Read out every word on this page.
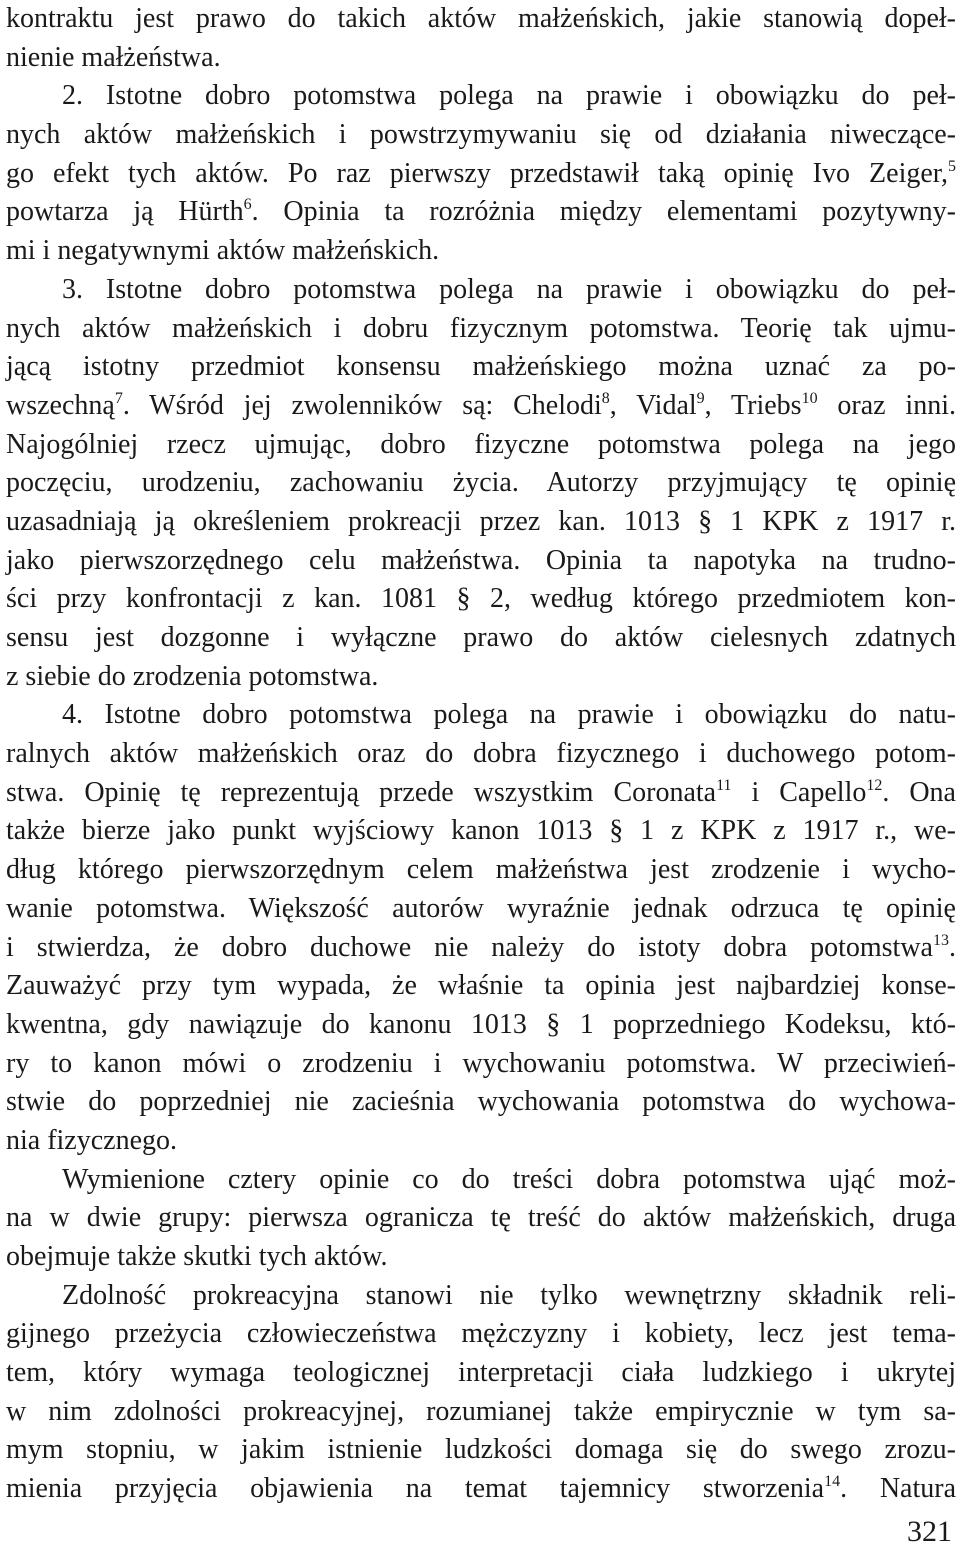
kontraktu jest prawo do takich aktów małżeńskich, jakie stanowią dopeł-
nienie małżeństwa.
2. Istotne dobro potomstwa polega na prawie i obowiązku do peł-
nych aktów małżeńskich i powstrzymywaniu się od działania niweczące-
go efekt tych aktów. Po raz pierwszy przedstawił taką opinię Ivo Zeiger,$^5$
powtarza ją Hürth$^6$. Opinia ta rozróżnia między elementami pozytywny-
mi i negatywnymi aktów małżeńskich.
3. Istotne dobro potomstwa polega na prawie i obowiązku do peł-
nych aktów małżeńskich i dobru fizycznym potomstwa. Teorię tak ujmu-
jącą istotny przedmiot konsensu małżeńskiego można uznać za po-
wszechną$^7$. Wśród jej zwolenników są: Chelodi$^8$, Vidal$^9$, Triebs$^{10}$ oraz inni.
Najogólniej rzecz ujmując, dobro fizyczne potomstwa polega na jego
poczęciu, urodzeniu, zachowaniu życia. Autorzy przyjmujący tę opinię
uzasadniają ją określeniem prokreacji przez kan. 1013 § 1 KPK z 1917 r.
jako pierwszorzędnego celu małżeństwa. Opinia ta napotyka na trudno-
ści przy konfrontacji z kan. 1081 § 2, według którego przedmiotem kon-
sensu jest dozgonne i wyłączne prawo do aktów cielesnych zdatnych
z siebie do zrodzenia potomstwa.
4. Istotne dobro potomstwa polega na prawie i obowiązku do natu-
ralnych aktów małżeńskich oraz do dobra fizycznego i duchowego potom-
stwa. Opinię tę reprezentują przede wszystkim Coronata$^{11}$ i Capello$^{12}$. Ona
także bierze jako punkt wyjściowy kanon 1013 § 1 z KPK z 1917 r., we-
dług którego pierwszorzędnym celem małżeństwa jest zrodzenie i wycho-
wanie potomstwa. Większość autorów wyraźnie jednak odrzuca tę opinię
i stwierdza, że dobro duchowe nie należy do istoty dobra potomstwa$^{13}$.
Zauważyć przy tym wypada, że właśnie ta opinia jest najbardziej konse-
kwentna, gdy nawiązuje do kanonu 1013 § 1 poprzedniego Kodeksu, któ-
ry to kanon mówi o zrodzeniu i wychowaniu potomstwa. W przeciwień-
stwie do poprzedniej nie zacieśnia wychowania potomstwa do wychowa-
nia fizycznego.
Wymienione cztery opinie co do treści dobra potomstwa ująć moż-
na w dwie grupy: pierwsza ogranicza tę treść do aktów małżeńskich, druga
obejmuje także skutki tych aktów.
Zdolność prokreacyjna stanowi nie tylko wewnętrzny składnik reli-
gijnego przeżycia człowieczeństwa mężczyzny i kobiety, lecz jest tema-
tem, który wymaga teologicznej interpretacji ciała ludzkiego i ukrytej
w nim zdolności prokreacyjnej, rozumianej także empirycznie w tym sa-
mym stopniu, w jakim istnienie ludzkości domaga się do swego zrozu-
mienia przyjęcia objawienia na temat tajemnicy stworzenia$^{14}$. Natura
321
